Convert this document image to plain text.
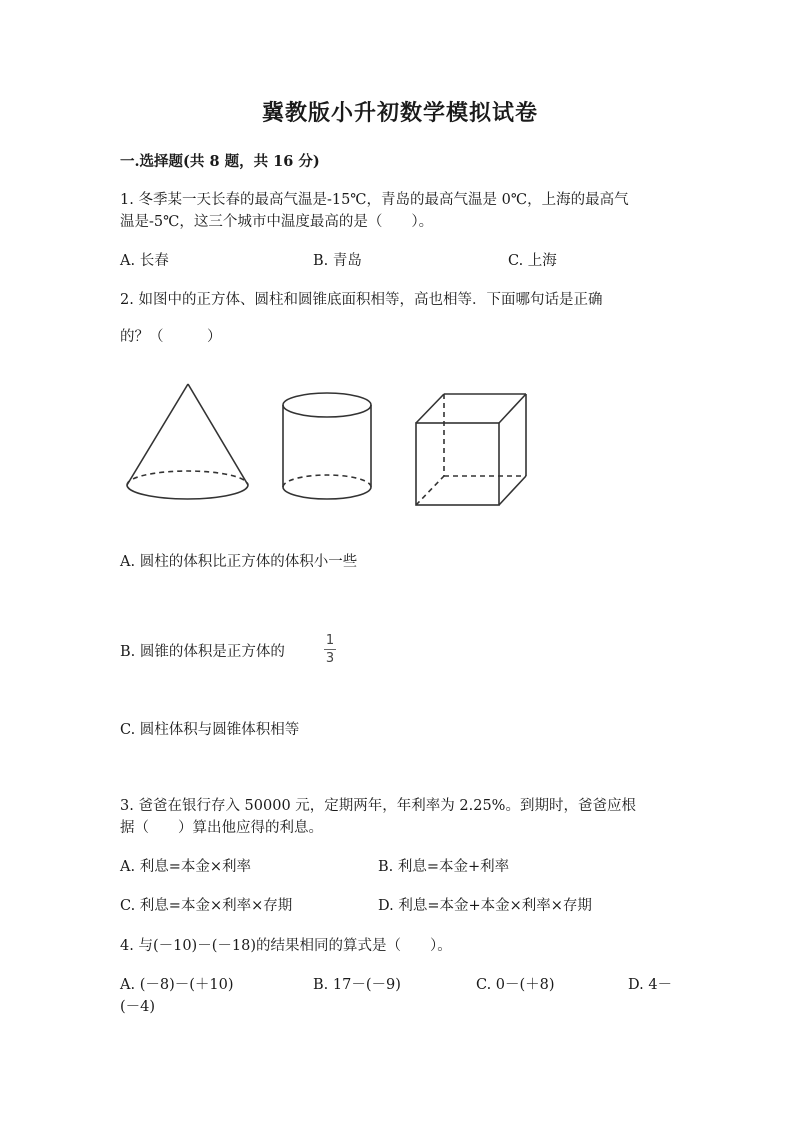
冀教版小升初数学模拟试卷
一.选择题(共 8 题，共 16 分)
1. 冬季某一天长春的最高气温是-15℃，青岛的最高气温是 0℃，上海的最高气
温是-5℃，这三个城市中温度最高的是（　　）。
A. 长春	B. 青岛	C. 上海
2. 如图中的正方体、圆柱和圆锥底面积相等，高也相等．下面哪句话是正确
的？（　　　）
A. 圆柱的体积比正方体的体积小一些
B. 圆锥的体积是正方体的
1
3
C. 圆柱体积与圆锥体积相等
3. 爸爸在银行存入 50000 元，定期两年，年利率为 2.25%。到期时，爸爸应根
据（　　）算出他应得的利息。
A. 利息=本金×利率	B. 利息=本金+利率
C. 利息=本金×利率×存期	D. 利息=本金+本金×利率×存期
4. 与(－10)－(－18)的结果相同的算式是（　　）。
A. (－8)－(＋10)	B. 17－(－9)	C. 0－(＋8)	D. 4－
(－4)
